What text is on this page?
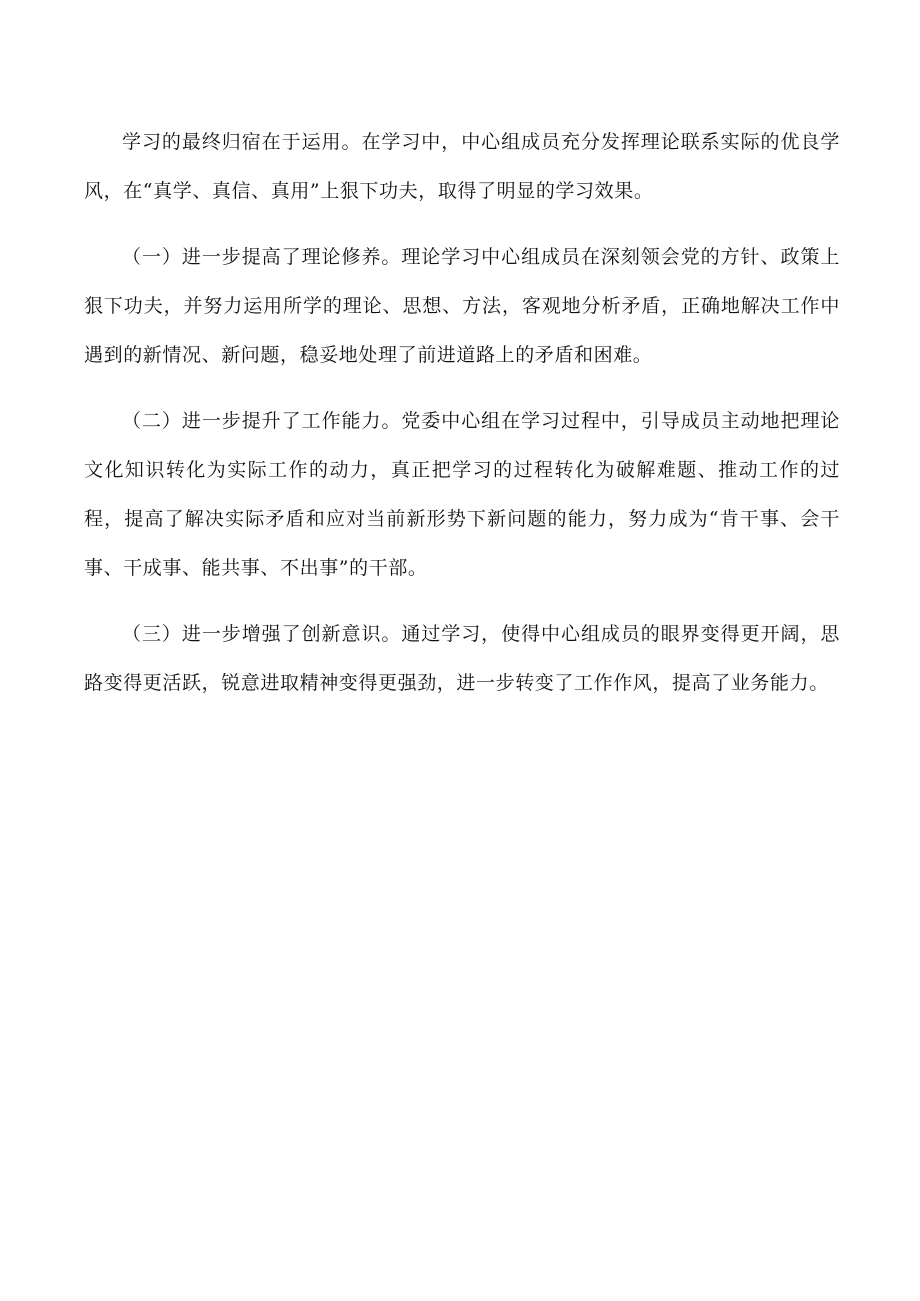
学习的最终归宿在于运用。在学习中，中心组成员充分发挥理论联系实际的优良学风，在“真学、真信、真用”上狠下功夫，取得了明显的学习效果。

（一）进一步提高了理论修养。理论学习中心组成员在深刻领会党的方针、政策上狠下功夫，并努力运用所学的理论、思想、方法，客观地分析矛盾，正确地解决工作中遇到的新情况、新问题，稳妥地处理了前进道路上的矛盾和困难。

（二）进一步提升了工作能力。党委中心组在学习过程中，引导成员主动地把理论文化知识转化为实际工作的动力，真正把学习的过程转化为破解难题、推动工作的过程，提高了解决实际矛盾和应对当前新形势下新问题的能力，努力成为“肯干事、会干事、干成事、能共事、不出事”的干部。

（三）进一步增强了创新意识。通过学习，使得中心组成员的眼界变得更开阔，思路变得更活跃，锐意进取精神变得更强劲，进一步转变了工作作风，提高了业务能力。
